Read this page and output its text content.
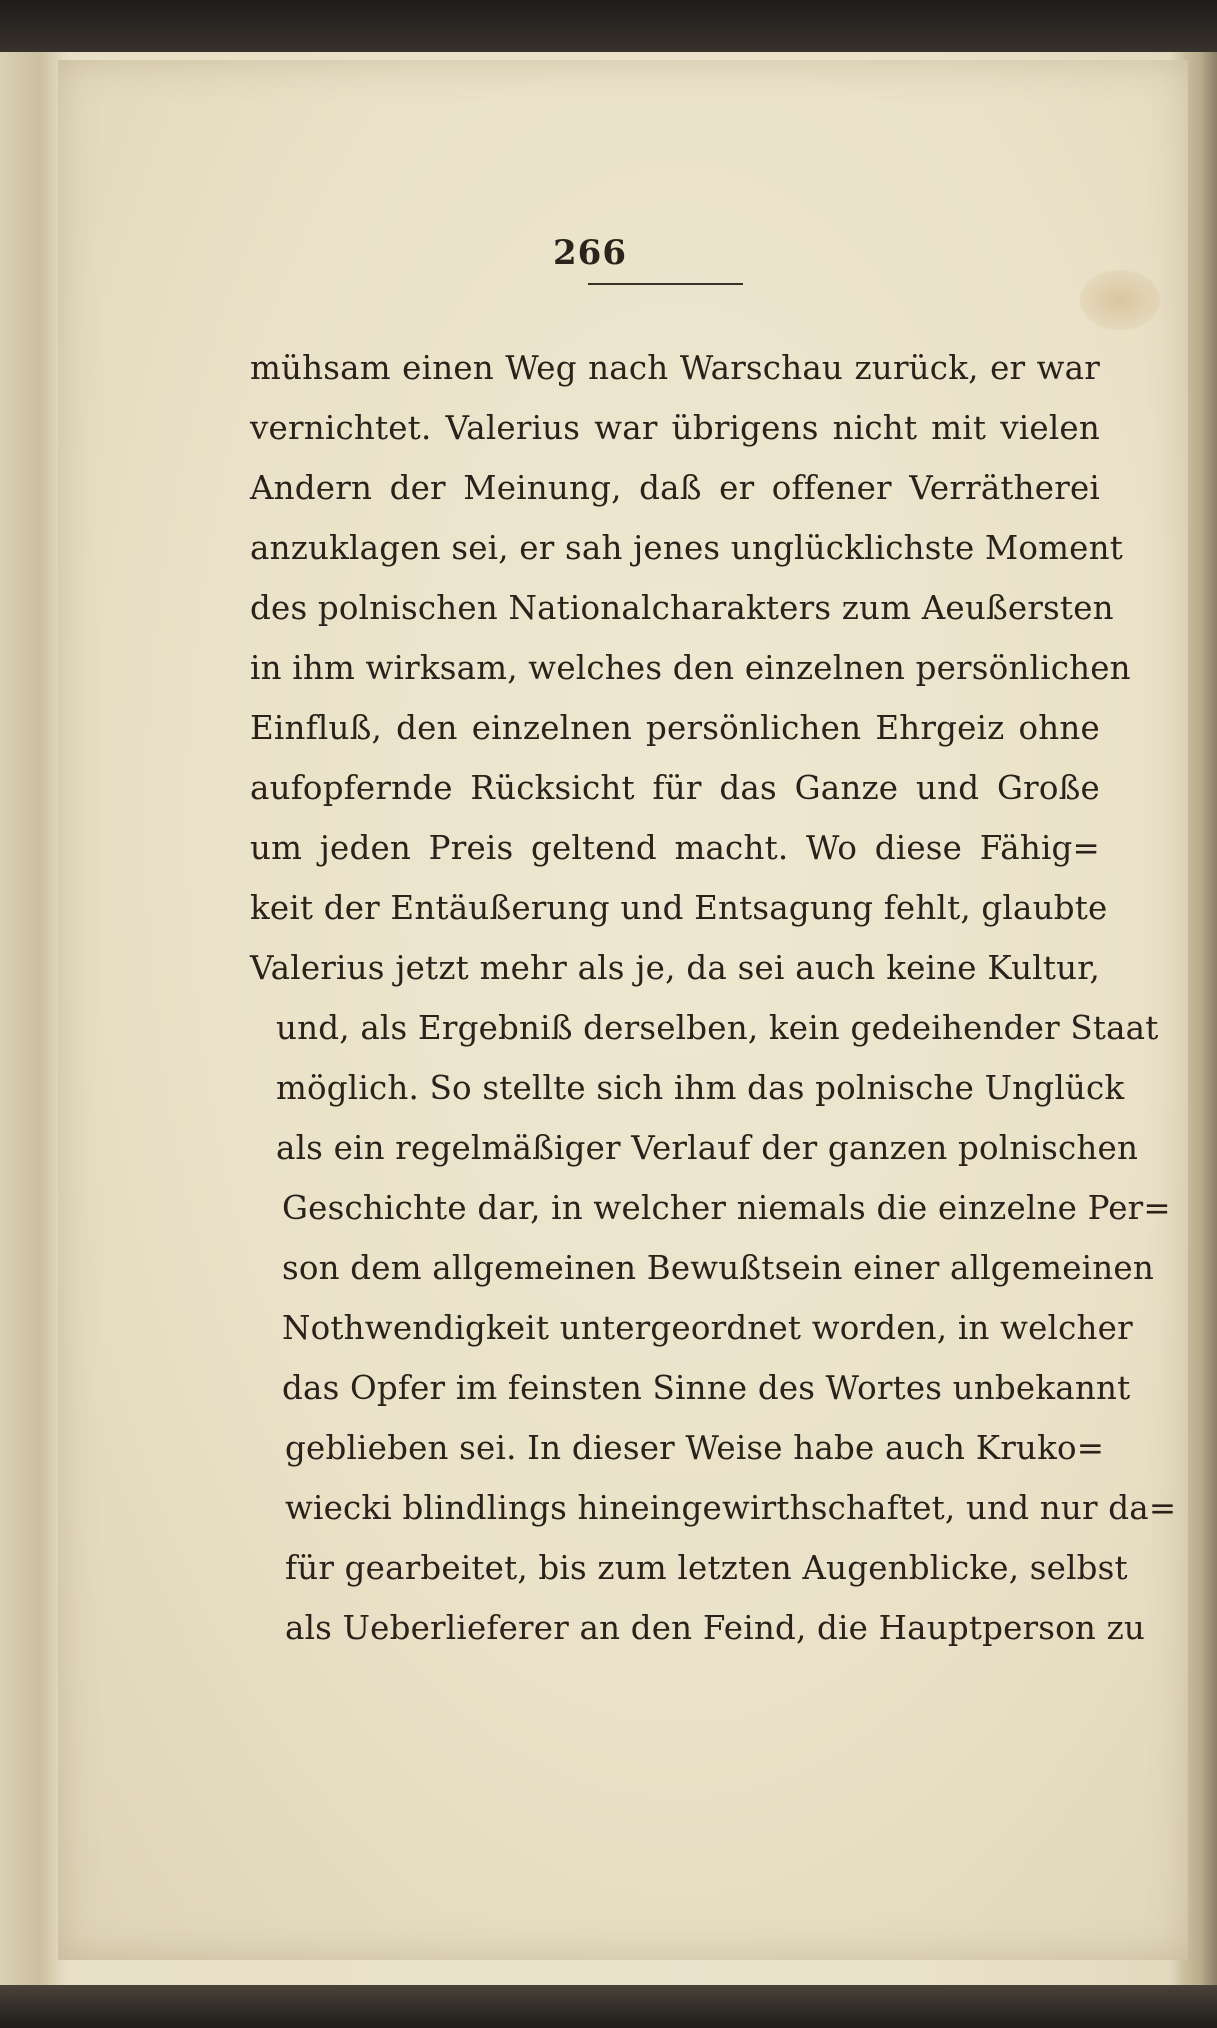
266
mühsam einen Weg nach Warschau zurück, er war
vernichtet. Valerius war übrigens nicht mit vielen
Andern der Meinung, daß er offener Verrätherei
anzuklagen sei, er sah jenes unglücklichste Moment
des polnischen Nationalcharakters zum Aeußersten
in ihm wirksam, welches den einzelnen persönlichen
Einfluß, den einzelnen persönlichen Ehrgeiz ohne
aufopfernde Rücksicht für das Ganze und Große
um jeden Preis geltend macht. Wo diese Fähig=
keit der Entäußerung und Entsagung fehlt, glaubte
Valerius jetzt mehr als je, da sei auch keine Kultur,
und, als Ergebniß derselben, kein gedeihender Staat
möglich. So stellte sich ihm das polnische Unglück
als ein regelmäßiger Verlauf der ganzen polnischen
Geschichte dar, in welcher niemals die einzelne Per=
son dem allgemeinen Bewußtsein einer allgemeinen
Nothwendigkeit untergeordnet worden, in welcher
das Opfer im feinsten Sinne des Wortes unbekannt
geblieben sei. In dieser Weise habe auch Kruko=
wiecki blindlings hineingewirthschaftet, und nur da=
für gearbeitet, bis zum letzten Augenblicke, selbst
als Ueberlieferer an den Feind, die Hauptperson zu
